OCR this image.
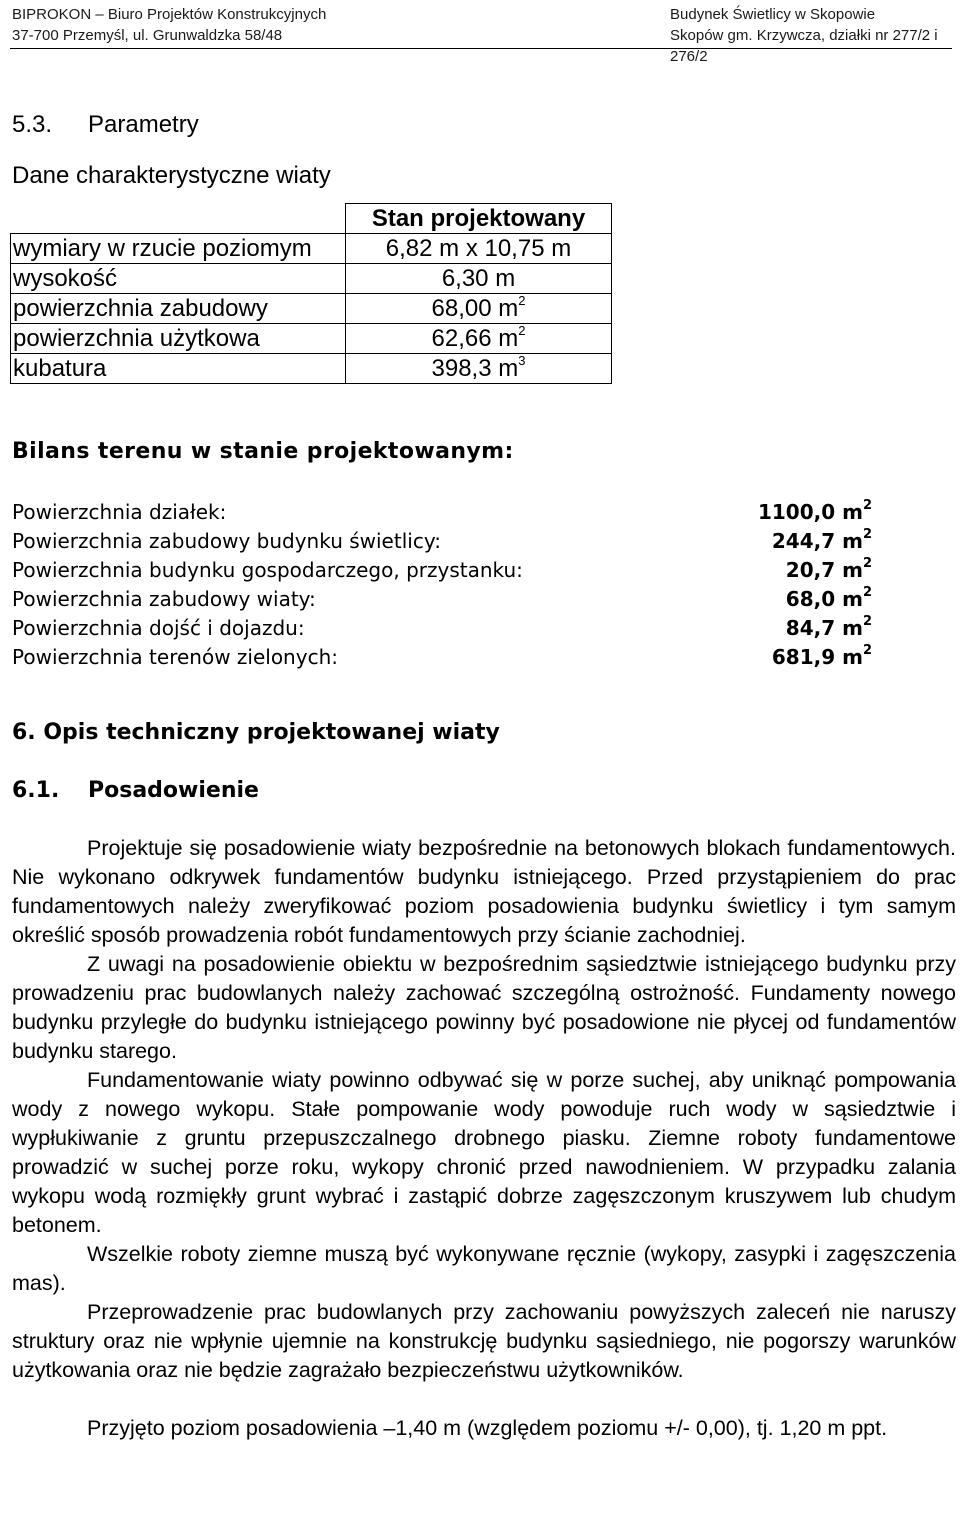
BIPROKON – Biuro Projektów Konstrukcyjnych
37-700 Przemyśl, ul. Grunwaldzka 58/48
Budynek Świetlicy w Skopowie
Skopów gm. Krzywcza, działki nr 277/2 i 276/2
5.3. Parametry
Dane charakterystyczne wiaty
	Stan projektowany
wymiary w rzucie poziomym	6,82 m x 10,75 m
wysokość	6,30 m
powierzchnia zabudowy	68,00 $m^2$
powierzchnia użytkowa	62,66 $m^2$
kubatura	398,3 $m^3$
Bilans terenu w stanie projektowanym:
Powierzchnia działek:	1100,0 $m^2$
Powierzchnia zabudowy budynku świetlicy:	244,7 $m^2$
Powierzchnia budynku gospodarczego, przystanku:	20,7 $m^2$
Powierzchnia zabudowy wiaty:	68,0 $m^2$
Powierzchnia dojść i dojazdu:	84,7 $m^2$
Powierzchnia terenów zielonych:	681,9 $m^2$
6. Opis techniczny projektowanej wiaty
6.1. Posadowienie

Projektuje się posadowienie wiaty bezpośrednie na betonowych blokach fundamentowych. Nie wykonano odkrywek fundamentów budynku istniejącego. Przed przystąpieniem do prac fundamentowych należy zweryfikować poziom posadowienia budynku świetlicy i tym samym określić sposób prowadzenia robót fundamentowych przy ścianie zachodniej.

Z uwagi na posadowienie obiektu w bezpośrednim sąsiedztwie istniejącego budynku przy prowadzeniu prac budowlanych należy zachować szczególną ostrożność. Fundamenty nowego budynku przyległe do budynku istniejącego powinny być posadowione nie płycej od fundamentów budynku starego.

Fundamentowanie wiaty powinno odbywać się w porze suchej, aby uniknąć pompowania wody z nowego wykopu. Stałe pompowanie wody powoduje ruch wody w sąsiedztwie i wypłukiwanie z gruntu przepuszczalnego drobnego piasku. Ziemne roboty fundamentowe prowadzić w suchej porze roku, wykopy chronić przed nawodnieniem. W przypadku zalania wykopu wodą rozmiękły grunt wybrać i zastąpić dobrze zagęszczonym kruszywem lub chudym betonem.

Wszelkie roboty ziemne muszą być wykonywane ręcznie (wykopy, zasypki i zagęszczenia mas).

Przeprowadzenie prac budowlanych przy zachowaniu powyższych zaleceń nie naruszy struktury oraz nie wpłynie ujemnie na konstrukcję budynku sąsiedniego, nie pogorszy warunków użytkowania oraz nie będzie zagrażało bezpieczeństwu użytkowników.

Przyjęto poziom posadowienia –1,40 m (względem poziomu +/- 0,00), tj. 1,20 m ppt.
